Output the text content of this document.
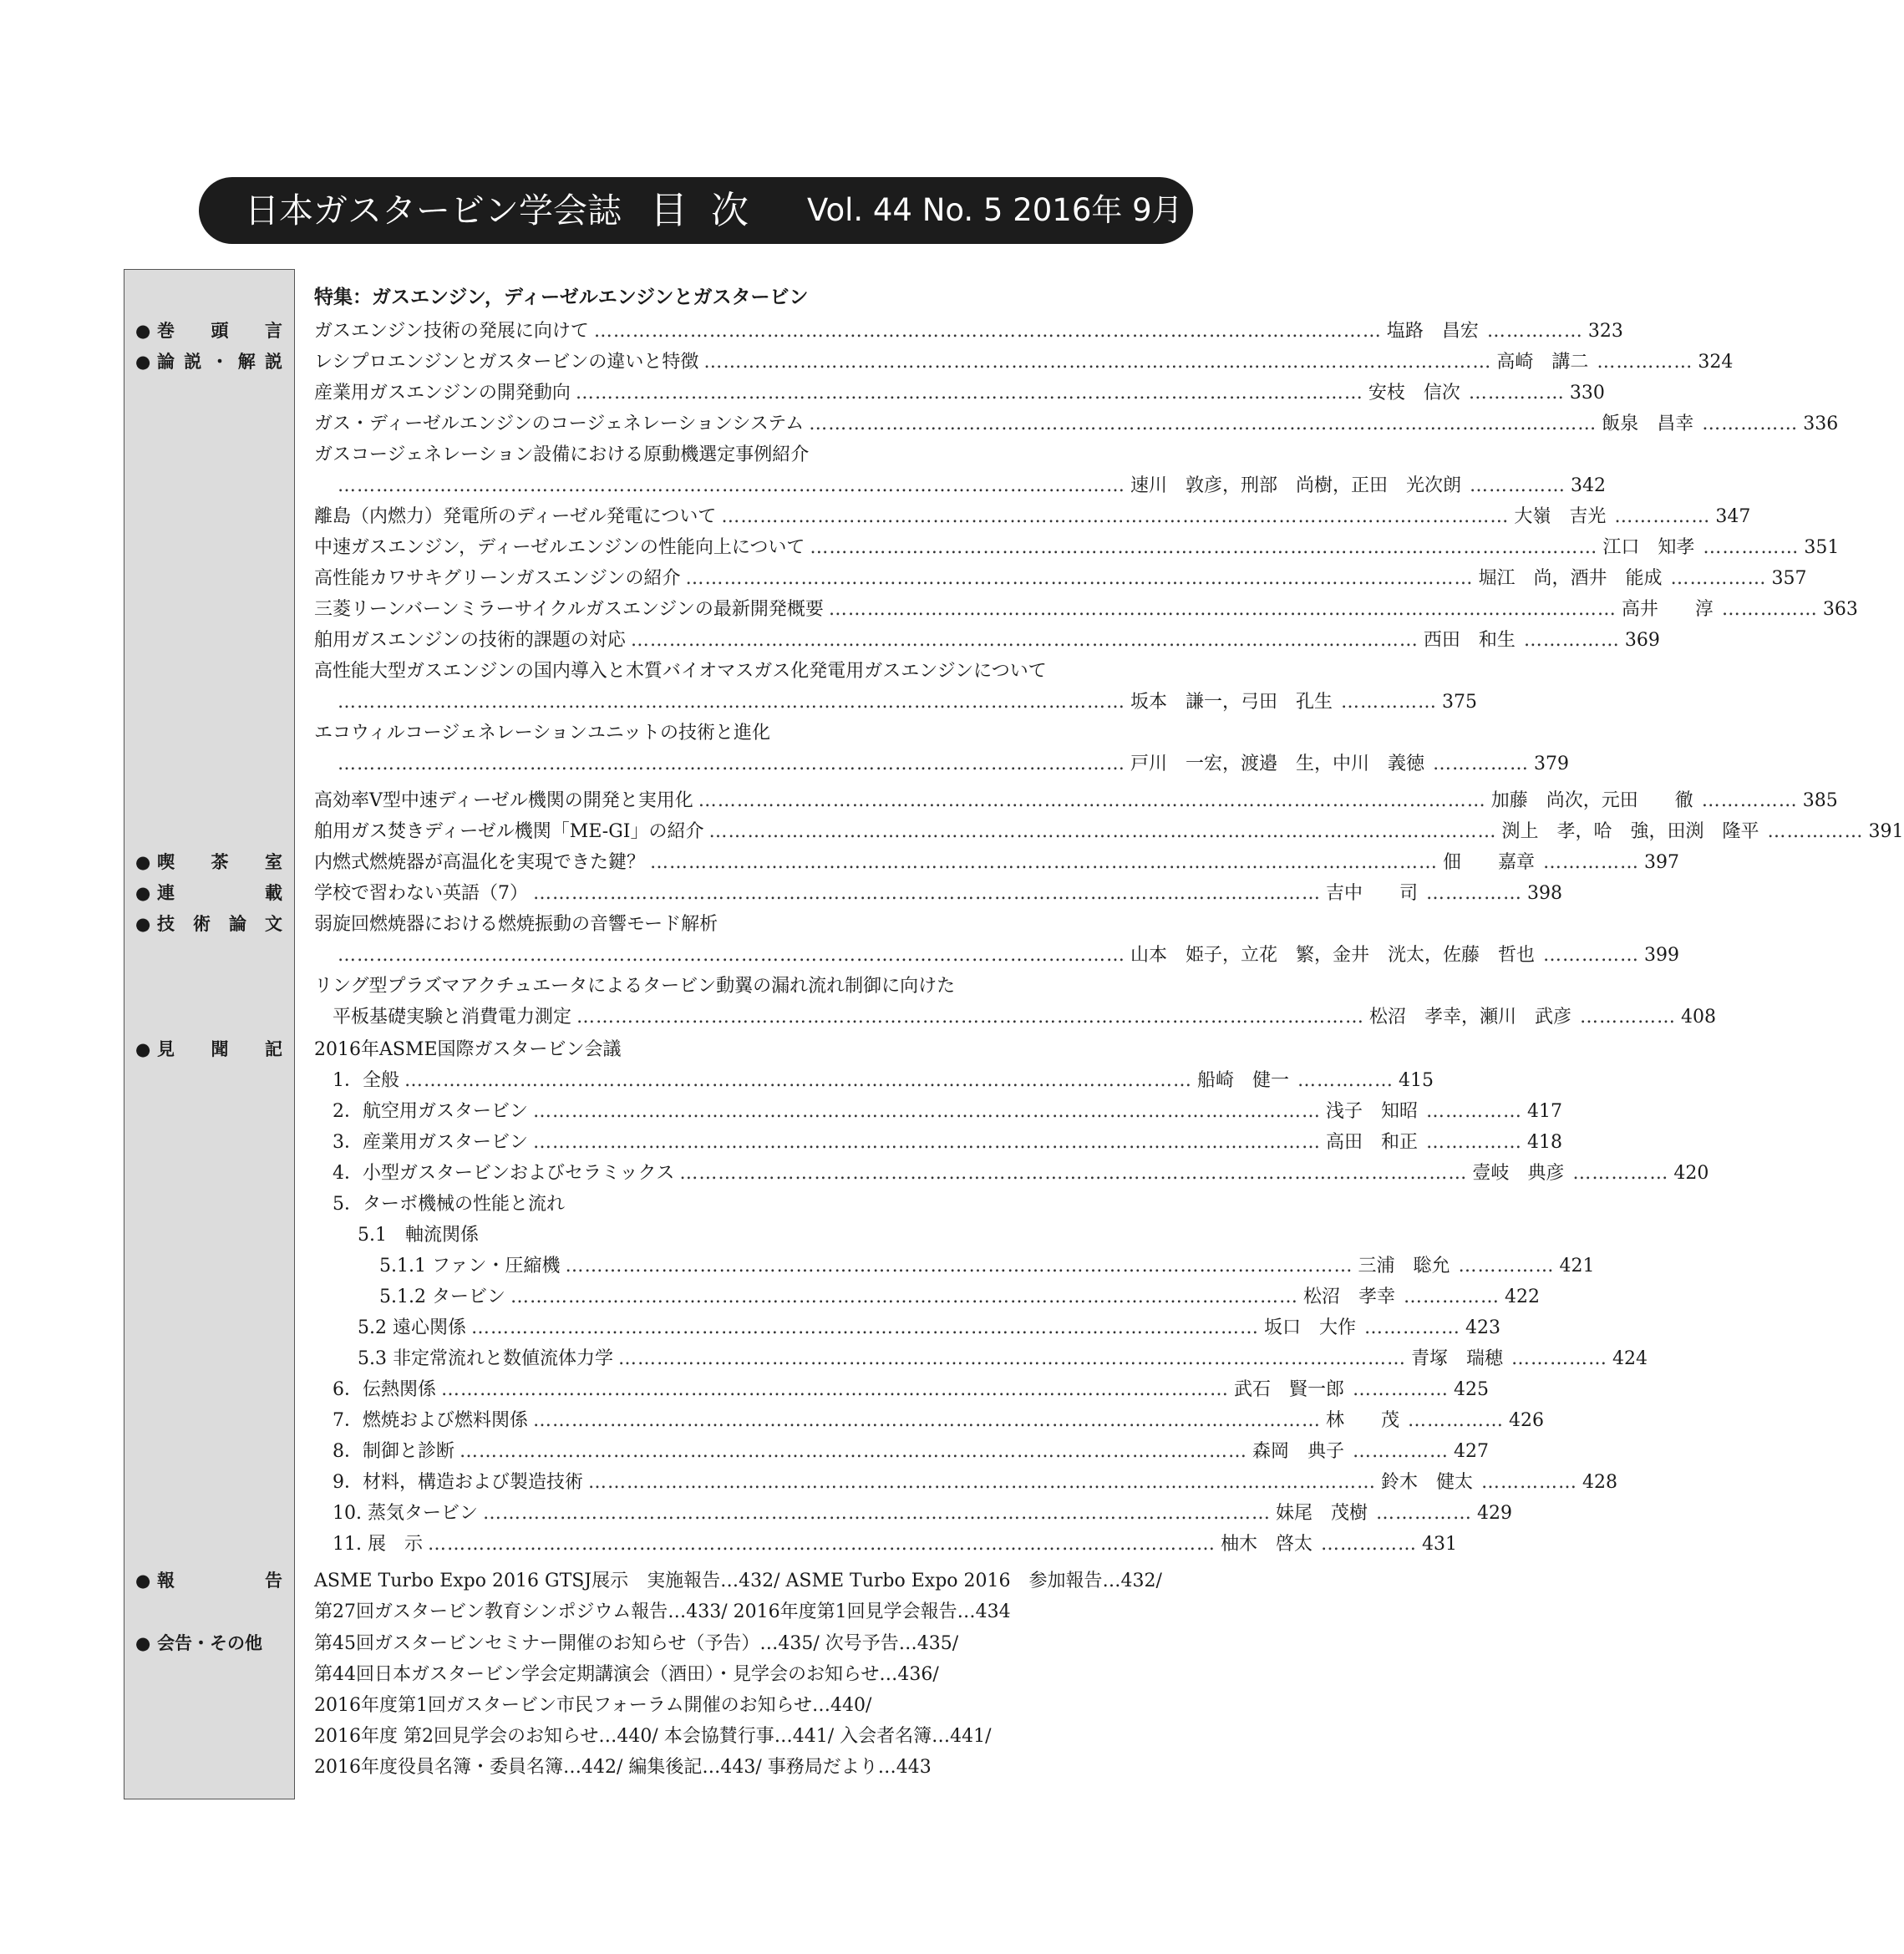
日本ガスタービン学会誌 目次 Vol. 44 No. 5 2016年 9月
● 巻頭言
● 論説・解説
● 喫茶室
● 連載
● 技術論文
● 見聞記
● 報告
● 会告・その他
特集：ガスエンジン，ディーゼルエンジンとガスタービン
ガスエンジン技術の発展に向けて …………………………………………………………………………………………………………… 塩路　昌宏 …………… 323
レシプロエンジンとガスタービンの違いと特徴 …………………………………………………………………………………………………………… 高崎　講二 …………… 324
産業用ガスエンジンの開発動向 …………………………………………………………………………………………………………… 安枝　信次 …………… 330
ガス・ディーゼルエンジンのコージェネレーションシステム …………………………………………………………………………………………………………… 飯泉　昌幸 …………… 336
ガスコージェネレーション設備における原動機選定事例紹介
…………………………………………………………………………………………………………… 速川　敦彦，刑部　尚樹，正田　光次朗 …………… 342
離島（内燃力）発電所のディーゼル発電について …………………………………………………………………………………………………………… 大嶺　吉光 …………… 347
中速ガスエンジン，ディーゼルエンジンの性能向上について …………………………………………………………………………………………………………… 江口　知孝 …………… 351
高性能カワサキグリーンガスエンジンの紹介 …………………………………………………………………………………………………………… 堀江　尚，酒井　能成 …………… 357
三菱リーンバーンミラーサイクルガスエンジンの最新開発概要 …………………………………………………………………………………………………………… 高井　　淳 …………… 363
舶用ガスエンジンの技術的課題の対応 …………………………………………………………………………………………………………… 西田　和生 …………… 369
高性能大型ガスエンジンの国内導入と木質バイオマスガス化発電用ガスエンジンについて
…………………………………………………………………………………………………………… 坂本　謙一，弓田　孔生 …………… 375
エコウィルコージェネレーションユニットの技術と進化
…………………………………………………………………………………………………………… 戸川　一宏，渡邉　生，中川　義徳 …………… 379
高効率V型中速ディーゼル機関の開発と実用化 …………………………………………………………………………………………………………… 加藤　尚次，元田　　徹 …………… 385
舶用ガス焚きディーゼル機関「ME-GI」の紹介 …………………………………………………………………………………………………………… 渕上　孝，哈　強，田渕　隆平 …………… 391
内燃式燃焼器が高温化を実現できた鍵？ …………………………………………………………………………………………………………… 佃　　嘉章 …………… 397
学校で習わない英語（7） …………………………………………………………………………………………………………… 吉中　　司 …………… 398
弱旋回燃焼器における燃焼振動の音響モード解析
…………………………………………………………………………………………………………… 山本　姫子，立花　繁，金井　洸太，佐藤　哲也 …………… 399
リング型プラズマアクチュエータによるタービン動翼の漏れ流れ制御に向けた
平板基礎実験と消費電力測定 …………………………………………………………………………………………………………… 松沼　孝幸，瀬川　武彦 …………… 408
2016年ASME国際ガスタービン会議
1．全般 …………………………………………………………………………………………………………… 船崎　健一 …………… 415
2．航空用ガスタービン …………………………………………………………………………………………………………… 浅子　知昭 …………… 417
3．産業用ガスタービン …………………………………………………………………………………………………………… 高田　和正 …………… 418
4．小型ガスタービンおよびセラミックス …………………………………………………………………………………………………………… 壹岐　典彦 …………… 420
5．ターボ機械の性能と流れ
5.1　軸流関係
5.1.1 ファン・圧縮機 …………………………………………………………………………………………………………… 三浦　聡允 …………… 421
5.1.2 タービン …………………………………………………………………………………………………………… 松沼　孝幸 …………… 422
5.2 遠心関係 …………………………………………………………………………………………………………… 坂口　大作 …………… 423
5.3 非定常流れと数値流体力学 …………………………………………………………………………………………………………… 青塚　瑞穂 …………… 424
6．伝熱関係 …………………………………………………………………………………………………………… 武石　賢一郎 …………… 425
7．燃焼および燃料関係 …………………………………………………………………………………………………………… 林　　茂 …………… 426
8．制御と診断 …………………………………………………………………………………………………………… 森岡　典子 …………… 427
9．材料，構造および製造技術 …………………………………………………………………………………………………………… 鈴木　健太 …………… 428
10. 蒸気タービン …………………………………………………………………………………………………………… 妹尾　茂樹 …………… 429
11. 展　示 …………………………………………………………………………………………………………… 柚木　啓太 …………… 431
ASME Turbo Expo 2016 GTSJ展示　実施報告…432/ ASME Turbo Expo 2016　参加報告…432/
第27回ガスタービン教育シンポジウム報告…433/ 2016年度第1回見学会報告…434
第45回ガスタービンセミナー開催のお知らせ（予告）…435/ 次号予告…435/
第44回日本ガスタービン学会定期講演会（酒田）・見学会のお知らせ…436/
2016年度第1回ガスタービン市民フォーラム開催のお知らせ…440/
2016年度 第2回見学会のお知らせ…440/ 本会協賛行事…441/ 入会者名簿…441/
2016年度役員名簿・委員名簿…442/ 編集後記…443/ 事務局だより…443
